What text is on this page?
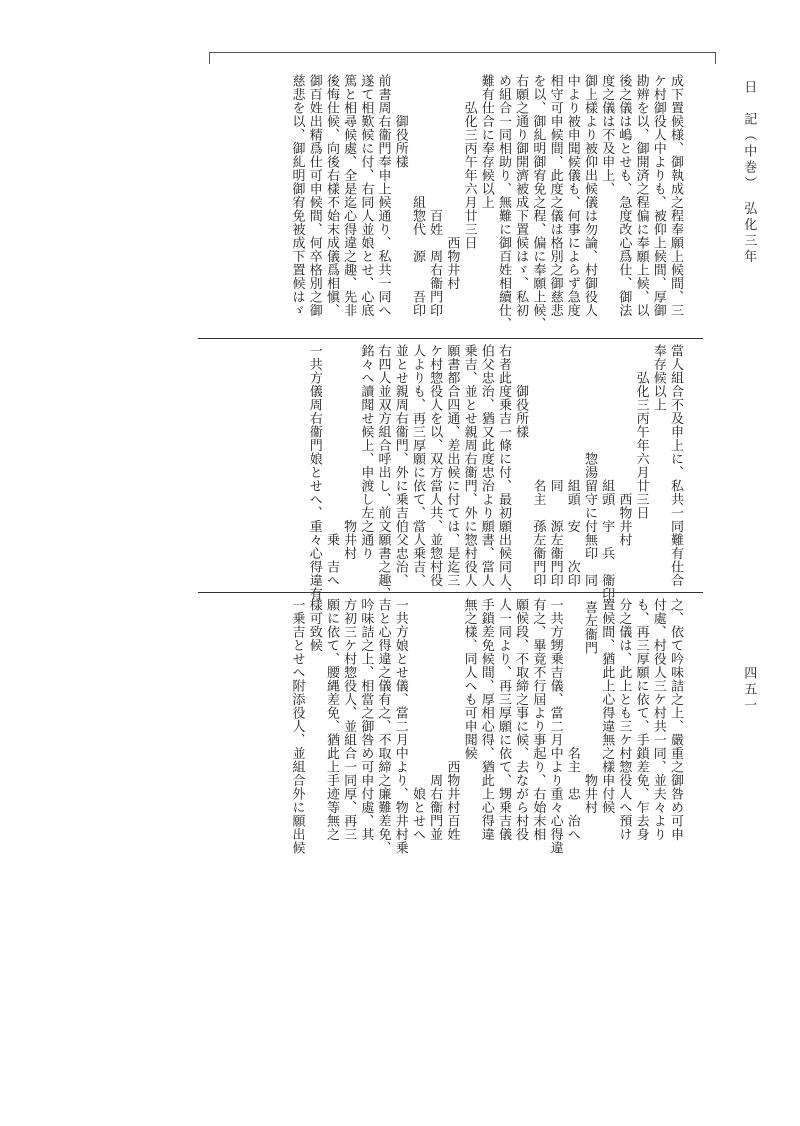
日　記（中巻）　弘化三年
四五一
成下置候様、御執成之程奉願上候間、三
ケ村御役人中よりも、被仰上候間、厚御
勘辨を以、御開済之程偏に奉願上候、以
後之儀は嶋とせも、急度改心爲仕、御法
度之儀は不及申上、
御上樣より被仰出候儀は勿論、村御役人
中より被申聞候儀も、何事によらず急度
相守可申候間、此度之儀は格別之御慈悲
を以、御糺明御宥免之程、偏に奉願上候、
右願之通り御開濟被成下置候はゞ、私初
め組合一同相助り、無難に御百姓相續仕、
難有仕合に奉存候以上
　　弘化三丙午年六月廿三日
　　　　　　　　　　　　西物井村
　　　　　　　　　　百姓　周右衞門印
　　　　　　　　　組惣代　源　　吾印
　　　御役所樣
前書周右衞門奉申上候通り、私共一同へ
遂て相歎候に付、右同人並娘とせ、心底
篤と相尋候處、全是迄心得違之趣、先非
後悔仕候、向後右樣不始末成儀爲相愼、
御百姓出精爲仕可申候間、何卒格別之御
慈悲を以、御糺明御宥免被成下置候はゞ
當人組合不及申上に、私共一同難有仕合
奉存候以上
　　弘化三丙午年六月廿三日
　　　　　　　　　　　西物井村
　　　　　　　　　　組頭　宇　兵　衞印
　　　　　　　　惣湯留守に付無印　同　喜左衞門
　　　　　　　　　　組頭　安　　次印
　　　　　　　　　　同　　源左衞門印
　　　　　　　　　　名主　孫左衞門印
　　　御役所樣
右者此度乗吉一條に付、最初願出候同人、
伯父忠治、猶又此度忠治より願書、當人
乗吉、並とせ親周右衞門、外に惣村役人
願書都合四通、差出候に付ては、是迄三
ケ村惣役人を以、双方當人共、並惣村役
人よりも、再三厚願に依て、當人乗吉、
並とせ親周右衞門、外に乗吉伯父忠治、
右四人並双方組合呼出し、前文願書之趣、
銘々へ讀聞せ候上、申渡し左之通り
　　　　　　　　　　　　　物井村
　　　　　　　　　　　　　　乗　吉へ
一共方儀周右衞門娘とせへ、重々心得違有
之、依て吟味詰之上、嚴重之御咎め可申
付處、村役人三ケ村共一同、並夫々より
も、再三厚願に依て、手鎖差免、乍去身
分之儀は、此上とも三ケ村惣役人へ預け
置候間、猶此上心得違無之樣申付候
　　　　　　　　　　　　　物井村
　　　　　　　　　　　名主　忠　治へ
一共方甥乗吉儀、當二月中より重々心得違
有之、畢竟不行屆より事起り、右始末相
願候段、不取締之事に候、去ながら村役
人一同より、再三厚願に依て、甥乗吉儀
手鎖差免候間、厚相心得、猶此上心得違
無之樣、同人へも可申聞候
　　　　　　　　　　　　西物井村百姓
　　　　　　　　　　　　　周右衞門並
　　　　　　　　　　　　　　娘とせへ
一共方娘とせ儀、當二月中より、物井村乗
吉と心得違之儀有之、不取締之廉難差免、
吟味詰之上、相當之御咎め可申付處、其
方初三ケ村惣役人、並組合一同厚、再三
願に依て、腰縄差免、猶此上手迹等無之
樣可致候
一乗吉とせへ附添役人、並組合外に願出候
